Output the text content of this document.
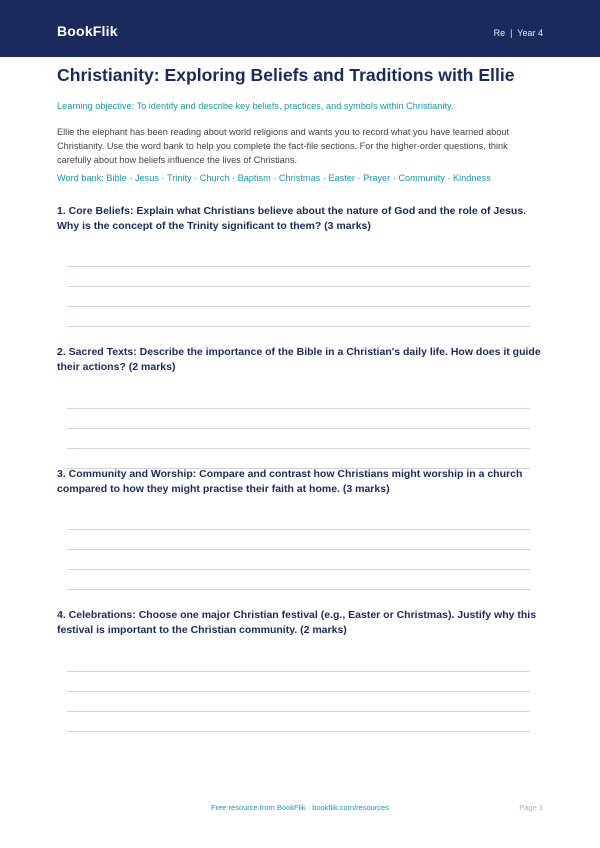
BookFlik	Re  |  Year 4
Christianity: Exploring Beliefs and Traditions with Ellie
Learning objective: To identify and describe key beliefs, practices, and symbols within Christianity.
Ellie the elephant has been reading about world religions and wants you to record what you have learned about Christianity. Use the word bank to help you complete the fact-file sections. For the higher-order questions, think carefully about how beliefs influence the lives of Christians.
Word bank: Bible · Jesus · Trinity · Church · Baptism · Christmas · Easter · Prayer · Community · Kindness
1. Core Beliefs: Explain what Christians believe about the nature of God and the role of Jesus. Why is the concept of the Trinity significant to them? (3 marks)
2. Sacred Texts: Describe the importance of the Bible in a Christian's daily life. How does it guide their actions? (2 marks)
3. Community and Worship: Compare and contrast how Christians might worship in a church compared to how they might practise their faith at home. (3 marks)
4. Celebrations: Choose one major Christian festival (e.g., Easter or Christmas). Justify why this festival is important to the Christian community. (2 marks)
Free resource from BookFlik · bookflik.com/resources	Page 1
